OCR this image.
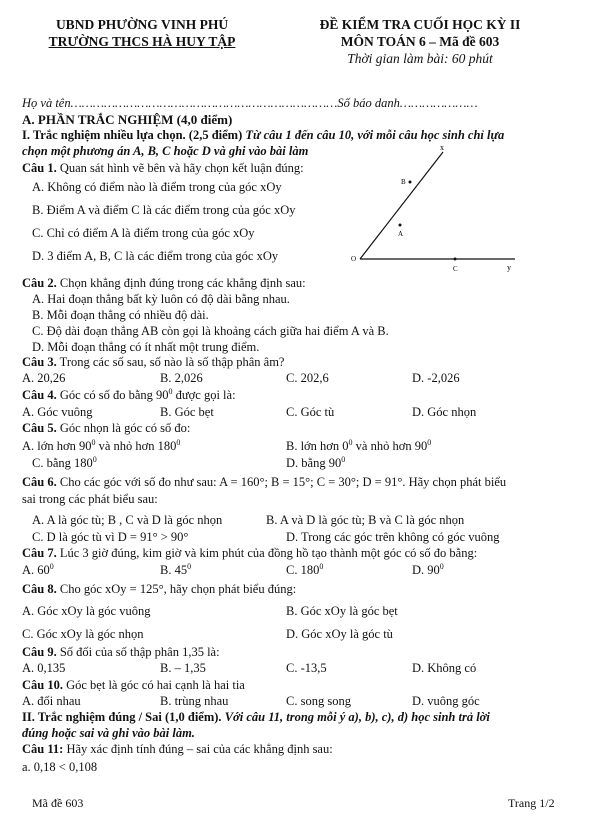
UBND PHƯỜNG VINH PHÚ
TRƯỜNG THCS HÀ HUY TẬP
ĐỀ KIỂM TRA CUỐI HỌC KỲ II
MÔN TOÁN 6 – Mã đề 603
Thời gian làm bài: 60 phút
Họ và tên………………………………………………………………Số báo danh…………………
A. PHẦN TRẮC NGHIỆM (4,0 điểm)
I. Trắc nghiệm nhiều lựa chọn. (2,5 điểm) Từ câu 1 đến câu 10, với mỗi câu học sinh chỉ lựa
chọn một phương án A, B, C hoặc D và ghi vào bài làm
Câu 1. Quan sát hình vẽ bên và hãy chọn kết luận đúng:
A. Không có điểm nào là điểm trong của góc xOy
B. Điểm A và điểm C là các điểm trong của góc xOy
C. Chỉ có điểm A là điểm trong của góc xOy
D. 3 điểm A, B, C là các điểm trong của góc xOy
x
B
A
O
C	y
Câu 2. Chọn khẳng định đúng trong các khẳng định sau:
A. Hai đoạn thẳng bất kỳ luôn có độ dài bằng nhau.
B. Mỗi đoạn thẳng có nhiều độ dài.
C. Độ dài đoạn thẳng AB còn gọi là khoảng cách giữa hai điểm A và B.
D. Mỗi đoạn thẳng có ít nhất một trung điểm.
Câu 3. Trong các số sau, số nào là số thập phân âm?
A. 20,26	B. 2,026	C. 202,6	D. -2,026
Câu 4. Góc có số đo bằng $90^0$ được gọi là:
A. Góc vuông	B. Góc bẹt	C. Góc tù	D. Góc nhọn
Câu 5. Góc nhọn là góc có số đo:
A. lớn hơn $90^0$ và nhỏ hơn $180^0$	B. lớn hơn $0^0$ và nhỏ hơn $90^0$
C. bằng $180^0$	D. bằng $90^0$
Câu 6. Cho các góc với số đo như sau: A = 160°; B = 15°; C = 30°; D = 91°. Hãy chọn phát biểu
sai trong các phát biểu sau:
A. A là góc tù; B , C và D là góc nhọn	B. A và D là góc tù; B và C là góc nhọn
C. D là góc tù vì D = 91° > 90°	D. Trong các góc trên không có góc vuông
Câu 7. Lúc 3 giờ đúng, kim giờ và kim phút của đồng hồ tạo thành một góc có số đo bằng:
A. $60^0$	B. $45^0$	C. $180^0$	D. $90^0$
Câu 8. Cho góc xOy = 125°, hãy chọn phát biểu đúng:
A. Góc xOy là góc vuông	B. Góc xOy là góc bẹt
C. Góc xOy là góc nhọn	D. Góc xOy là góc tù
Câu 9. Số đối của số thập phân 1,35 là:
A. 0,135	B. – 1,35	C. -13,5	D. Không có
Câu 10. Góc bẹt là góc có hai cạnh là hai tia
A. đối nhau	B. trùng nhau	C. song song	D. vuông góc
II. Trắc nghiệm đúng / Sai (1,0 điểm). Với câu 11, trong mỗi ý a), b), c), d) học sinh trả lời
đúng hoặc sai và ghi vào bài làm.
Câu 11: Hãy xác định tính đúng – sai của các khẳng định sau:
a. 0,18 < 0,108
Mã đề 603	Trang 1/2
